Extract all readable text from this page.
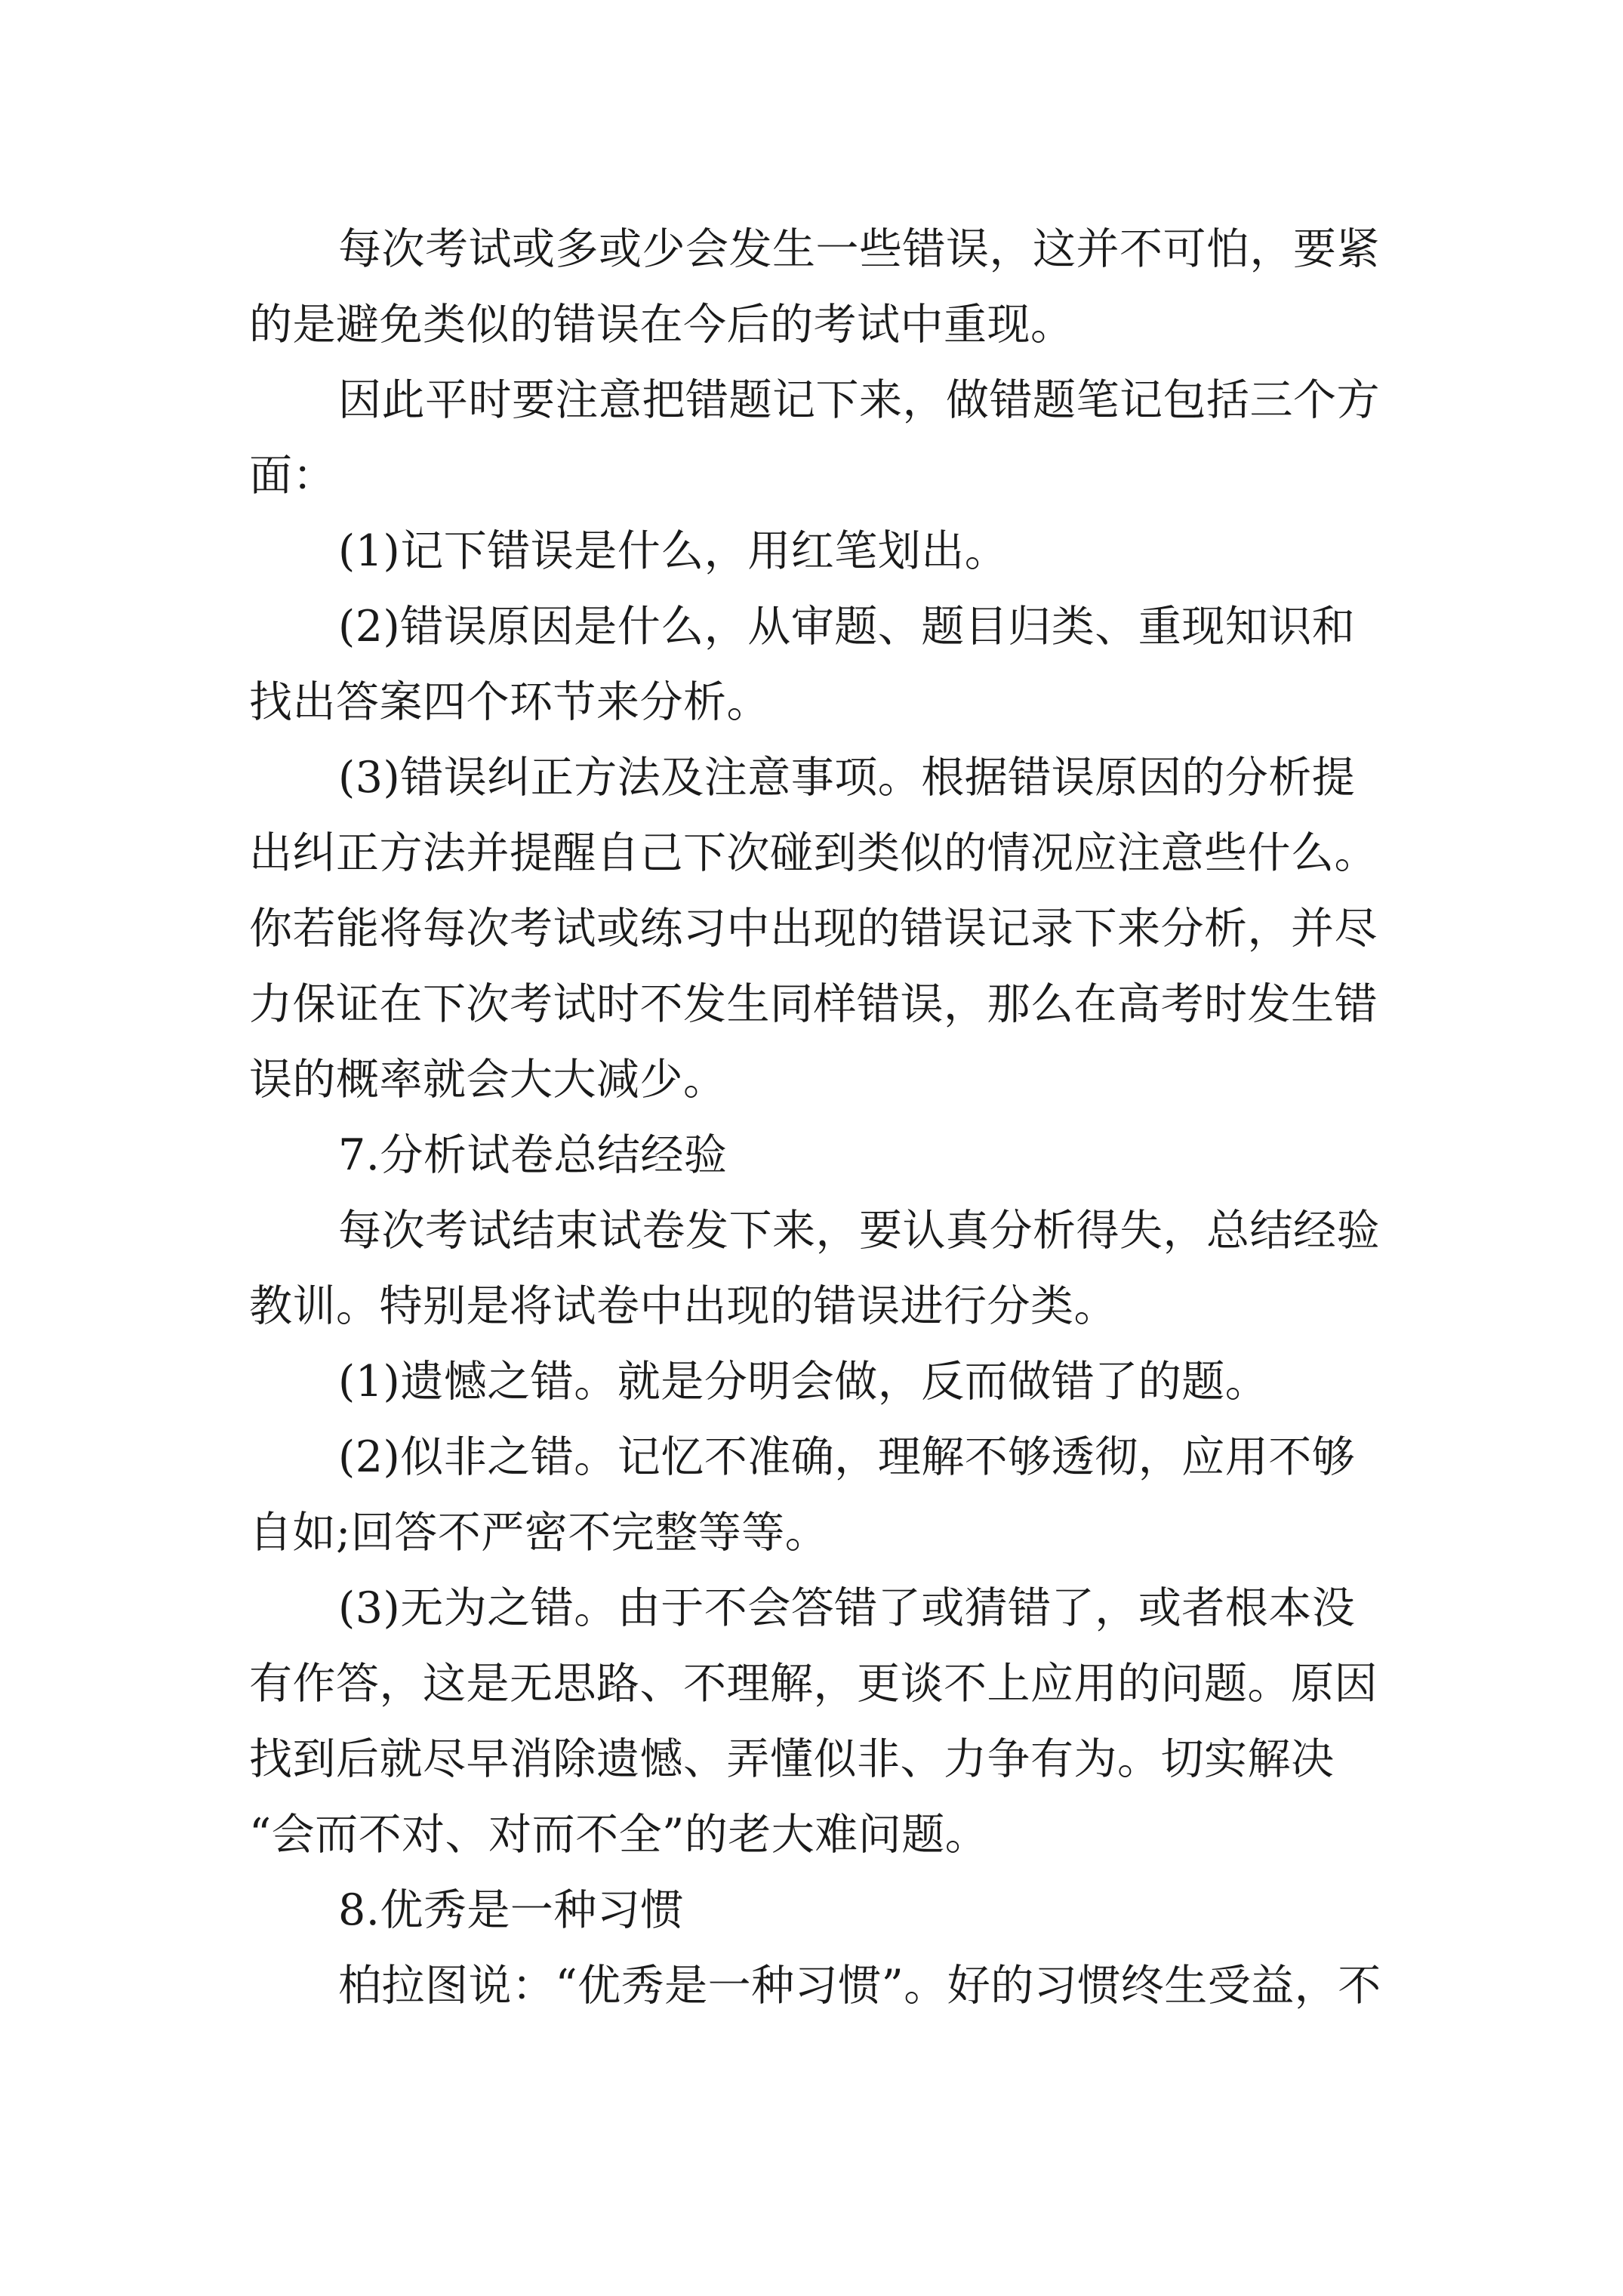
每次考试或多或少会发生一些错误，这并不可怕，要紧
的是避免类似的错误在今后的考试中重现。
因此平时要注意把错题记下来，做错题笔记包括三个方
面：
(1)记下错误是什么，用红笔划出。
(2)错误原因是什么，从审题、题目归类、重现知识和
找出答案四个环节来分析。
(3)错误纠正方法及注意事项。根据错误原因的分析提
出纠正方法并提醒自己下次碰到类似的情况应注意些什么。
你若能将每次考试或练习中出现的错误记录下来分析，并尽
力保证在下次考试时不发生同样错误，那么在高考时发生错
误的概率就会大大减少。
7.分析试卷总结经验
每次考试结束试卷发下来，要认真分析得失，总结经验
教训。特别是将试卷中出现的错误进行分类。
(1)遗憾之错。就是分明会做，反而做错了的题。
(2)似非之错。记忆不准确，理解不够透彻，应用不够
自如;回答不严密不完整等等。
(3)无为之错。由于不会答错了或猜错了，或者根本没
有作答，这是无思路、不理解，更谈不上应用的问题。原因
找到后就尽早消除遗憾、弄懂似非、力争有为。切实解决
“会而不对、对而不全”的老大难问题。
8.优秀是一种习惯
柏拉图说：“优秀是一种习惯”。好的习惯终生受益，不
